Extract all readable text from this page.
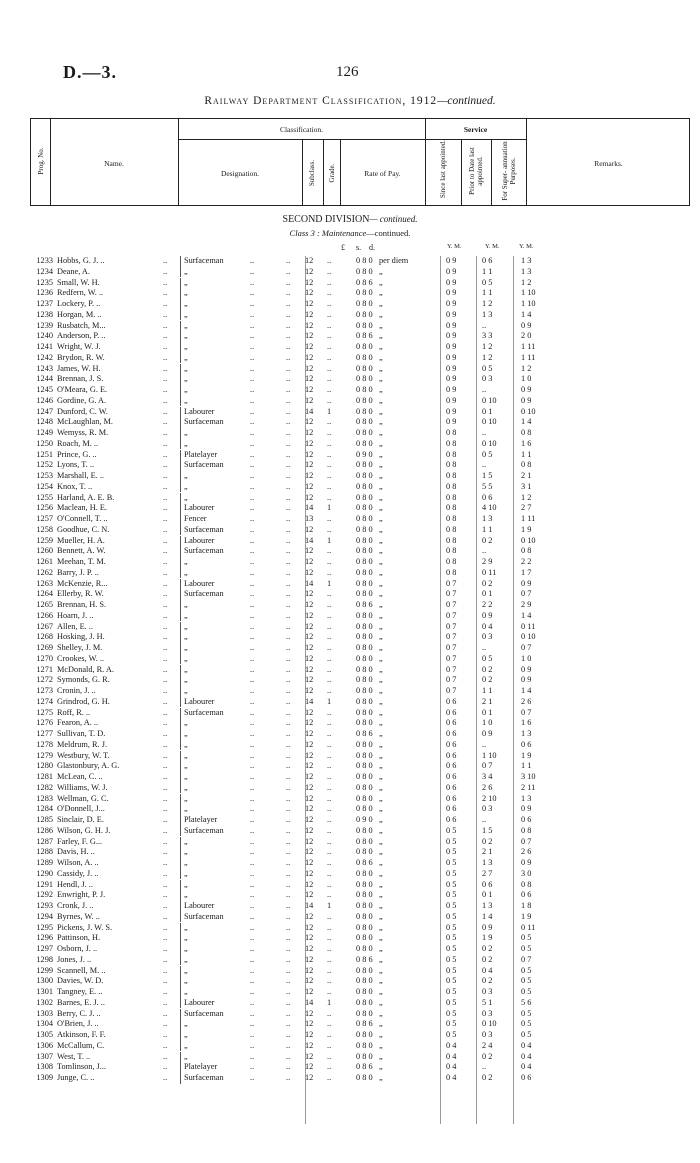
D.—3.	126
Railway Department Classification, 1912—continued.
Prog. No.	Name.
Classification.
Designation.	Subclass. Grade.	Rate of Pay.
Service
Since last appointed.	Prior to Date last appointed. For Super- annuation Purposes.	Remarks.
SECOND DIVISION— continued.
Class 3 : Maintenance—continued.
£ s. d.	Y. M.	Y. M.	Y. M.
1233 Hobbs, G. J. ..	Surfaceman	12 ..	0 8 0 per diem	0 9	0 6	1 3
..	..	..
1234 Deane, A.	„	12 ..	0 8 0 „	0 9	1 1	1 3
..	..	..
1235 Small, W. H.	„	12 ..	0 8 6 „	0 9	0 5	1 2
..	..	..
1236 Redfern, W. ..	„	12 ..	0 8 0 „	0 9	1 1	1 10
..	..	..
1237 Lockery, P. ..	„	12 ..	0 8 0 „	0 9	1 2	1 10
..	..	..
1238 Horgan, M. ..	„	12 ..	0 8 0 „	0 9	1 3	1 4
..	..	..
1239 Rusbatch, M...	„	12 ..	0 8 0 „	0 9	..	0 9
..	..	..
1240 Anderson, P. ..	„	12 ..	0 8 6 „	0 9	3 3	2 0
..	..	..
1241 Wright, W. J.	„	12 ..	0 8 0 „	0 9	1 2	1 11
..	..	..
1242 Brydon, R. W.	„	12 ..	0 8 0 „	0 9	1 2	1 11
..	..	..
1243 James, W. H.	„	12 ..	0 8 0 „	0 9	0 5	1 2
..	..	..
1244 Brennan, J. S.	„	12 ..	0 8 0 „	0 9	0 3	1 0
..	..	..
1245 O'Meara, G. E.	„	12 ..	0 8 0 „	0 9	..	0 9
..	..	..
1246 Gordine, G. A.	„	12 ..	0 8 0 „	0 9	0 10	0 9
..	..	..
1247 Dunford, C. W.	Labourer	14 1	0 8 0 „	0 9	0 1	0 10
..	..	..
1248 McLaughlan, M.	Surfaceman	12 ..	0 8 0 „	0 9	0 10	1 4
..	..	..
1249 Wemyss, R. M.	„	12 ..	0 8 0 „	0 8	..	0 8
..	..	..
1250 Roach, M. ..	„	12 ..	0 8 0 „	0 8	0 10	1 6
..	..	..
1251 Prince, G. ..	Platelayer	12 ..	0 9 0 „	0 8	0 5	1 1
..	..	..
1252 Lyons, T. ..	Surfaceman	12 ..	0 8 0 „	0 8	..	0 8
..	..	..
1253 Marshall, E. ..	„	12 ..	0 8 0 „	0 8	1 5	2 1
..	..	..
1254 Knox, T. ..	„	12 ..	0 8 0 „	0 8	5 5	3 1
..	..	..
1255 Harland, A. E. B.	„	12 ..	0 8 0 „	0 8	0 6	1 2
..	..	..
1256 Maclean, H. E.	Labourer	14 1	0 8 0 „	0 8	4 10	2 7
..	..	..
1257 O'Connell, T. ..	Fencer	13 ..	0 8 0 „	0 8	1 3	1 11
..	..	..
1258 Goodhue, C. N.	Surfaceman	12 ..	0 8 0 „	0 8	1 1	1 9
..	..	..
1259 Mueller, H. A.	Labourer	14 1	0 8 0 „	0 8	0 2	0 10
..	..	..
1260 Bennett, A. W.	Surfaceman	12 ..	0 8 0 „	0 8	..	0 8
..	..	..
1261 Meehan, T. M.	„	12 ..	0 8 0 „	0 8	2 9	2 2
..	..	..
1262 Barry, J. P. ..	„	12 ..	0 8 0 „	0 8	0 11	1 7
..	..	..
1263 McKenzie, R...	Labourer	14 1	0 8 0 „	0 7	0 2	0 9
..	..	..
1264 Ellerby, R. W.	Surfaceman	12 ..	0 8 0 „	0 7	0 1	0 7
..	..	..
1265 Brennan, H. S.	„	12 ..	0 8 6 „	0 7	2 2	2 9
..	..	..
1266 Hoarn, J. ..	„	12 ..	0 8 0 „	0 7	0 9	1 4
..	..	..
1267 Allen, E. ..	„	12 ..	0 8 0 „	0 7	0 4	0 11
..	..	..
1268 Hosking, J. H.	„	12 ..	0 8 0 „	0 7	0 3	0 10
..	..	..
1269 Shelley, J. M.	„	12 ..	0 8 0 „	0 7	..	0 7
..	..	..
1270 Crookes, W. ..	„	12 ..	0 8 0 „	0 7	0 5	1 0
..	..	..
1271 McDonald, R. A.	„	12 ..	0 8 0 „	0 7	0 2	0 9
..	..	..
1272 Symonds, G. R.	„	12 ..	0 8 0 „	0 7	0 2	0 9
..	..	..
1273 Cronin, J. ..	„	12 ..	0 8 0 „	0 7	1 1	1 4
..	..	..
1274 Grindrod, G. H.	Labourer	14 1	0 8 0 „	0 6	2 1	2 6
..	..	..
1275 Roff, R. ..	Surfaceman	12 ..	0 8 0 „	0 6	0 1	0 7
..	..	..
1276 Fearon, A. ..	„	12 ..	0 8 0 „	0 6	1 0	1 6
..	..	..
1277 Sullivan, T. D.	„	12 ..	0 8 6 „	0 6	0 9	1 3
..	..	..
1278 Meldrum, R. J.	„	12 ..	0 8 0 „	0 6	..	0 6
..	..	..
1279 Westbury, W. T.	„	12 ..	0 8 0 „	0 6	1 10	1 9
..	..	..
1280 Glastonbury, A. G.	„	12 ..	0 8 0 „	0 6	0 7	1 1
..	..	..
1281 McLean, C. ..	„	12 ..	0 8 0 „	0 6	3 4	3 10
..	..	..
1282 Williams, W. J.	„	12 ..	0 8 0 „	0 6	2 6	2 11
..	..	..
1283 Wellman, G. C.	„	12 ..	0 8 0 „	0 6	2 10	1 3
..	..	..
1284 O'Donnell, J...	„	12 ..	0 8 0 „	0 6	0 3	0 9
..	..	..
1285 Sinclair, D. E.	Platelayer	12 ..	0 9 0 „	0 6	..	0 6
..	..	..
1286 Wilson, G. H. J.	Surfaceman	12 ..	0 8 0 „	0 5	1 5	0 8
..	..	..
1287 Farley, F. G...	„	12 ..	0 8 0 „	0 5	0 2	0 7
..	..	..
1288 Davis, H. ..	„	12 ..	0 8 0 „	0 5	2 1	2 6
..	..	..
1289 Wilson, A. ..	„	12 ..	0 8 6 „	0 5	1 3	0 9
..	..	..
1290 Cassidy, J. ..	„	12 ..	0 8 0 „	0 5	2 7	3 0
..	..	..
1291 Hendl, J. ..	„	12 ..	0 8 0 „	0 5	0 6	0 8
..	..	..
1292 Enwright, P. J.	„	12 ..	0 8 0 „	0 5	0 1	0 6
..	..	..
1293 Cronk, J. ..	Labourer	14 1	0 8 0 „	0 5	1 3	1 8
..	..	..
1294 Byrnes, W. ..	Surfaceman	12 ..	0 8 0 „	0 5	1 4	1 9
..	..	..
1295 Pickens, J. W. S.	„	12 ..	0 8 0 „	0 5	0 9	0 11
..	..	..
1296 Pattinson, H.	„	12 ..	0 8 0 „	0 5	1 9	0 5
..	..	..
1297 Osborn, J. ..	„	12 ..	0 8 0 „	0 5	0 2	0 5
..	..	..
1298 Jones, J. ..	„	12 ..	0 8 6 „	0 5	0 2	0 7
..	..	..
1299 Scannell, M. ..	„	12 ..	0 8 0 „	0 5	0 4	0 5
..	..	..
1300 Davies, W. D.	„	12 ..	0 8 0 „	0 5	0 2	0 5
..	..	..
1301 Tangney, E. ..	„	12 ..	0 8 0 „	0 5	0 3	0 5
..	..	..
1302 Barnes, E. J. ..	Labourer	14 1	0 8 0 „	0 5	5 1	5 6
..	..	..
1303 Berry, C. J. ..	Surfaceman	12 ..	0 8 0 „	0 5	0 3	0 5
..	..	..
1304 O'Brien, J. ..	„	12 ..	0 8 6 „	0 5	0 10	0 5
..	..	..
1305 Atkinson, F. F.	„	12 ..	0 8 0 „	0 5	0 3	0 5
..	..	..
1306 McCallum, C.	„	12 ..	0 8 0 „	0 4	2 4	0 4
..	..	..
1307 West, T. ..	„	12 ..	0 8 0 „	0 4	0 2	0 4
..	..	..
1308 Tomlinson, J...	Platelayer	12 ..	0 8 6 „	0 4	..	0 4
..	..	..
1309 Junge, C. ..	Surfaceman	12 ..	0 8 0 „	0 4	0 2	0 6
..	..	..
